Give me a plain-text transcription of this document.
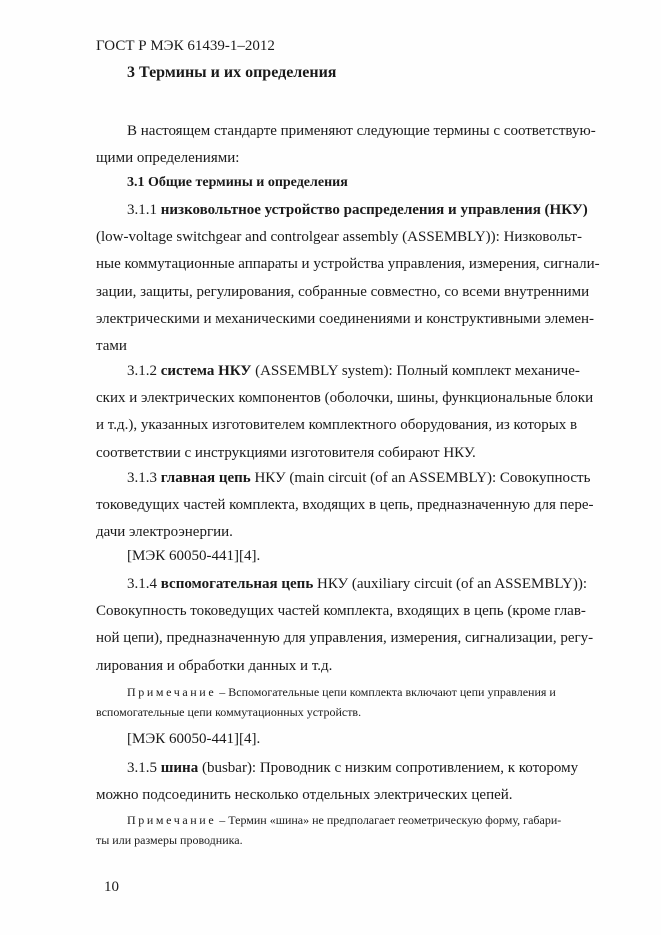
ГОСТ Р МЭК 61439-1–2012
3 Термины и их определения
В настоящем стандарте применяют следующие термины с соответствую-
щими определениями:
3.1 Общие термины и определения
3.1.1 низковольтное устройство распределения и управления (НКУ)
(low-voltage switchgear and controlgear assembly (ASSEMBLY)): Низковольт-
ные коммутационные аппараты и устройства управления, измерения, сигнали-
зации, защиты, регулирования, собранные совместно, со всеми внутренними
электрическими и механическими соединениями и конструктивными элемен-
тами
3.1.2 система НКУ (ASSEMBLY system): Полный комплект механиче-
ских и электрических компонентов (оболочки, шины, функциональные блоки
и т.д.), указанных изготовителем комплектного оборудования, из которых в
соответствии с инструкциями изготовителя собирают НКУ.
3.1.3 главная цепь НКУ (main circuit (of an ASSEMBLY): Совокупность
токоведущих частей комплекта, входящих в цепь, предназначенную для пере-
дачи электроэнергии.
[МЭК 60050-441][4].
3.1.4 вспомогательная цепь НКУ (auxiliary circuit (of an ASSEMBLY)):
Совокупность токоведущих частей комплекта, входящих в цепь (кроме глав-
ной цепи), предназначенную для управления, измерения, сигнализации, регу-
лирования и обработки данных и т.д.
Примечание – Вспомогательные цепи комплекта включают цепи управления и
вспомогательные цепи коммутационных устройств.
[МЭК 60050-441][4].
3.1.5 шина (busbar): Проводник с низким сопротивлением, к которому
можно подсоединить несколько отдельных электрических цепей.
Примечание – Термин «шина» не предполагает геометрическую форму, габари-
ты или размеры проводника.
10
